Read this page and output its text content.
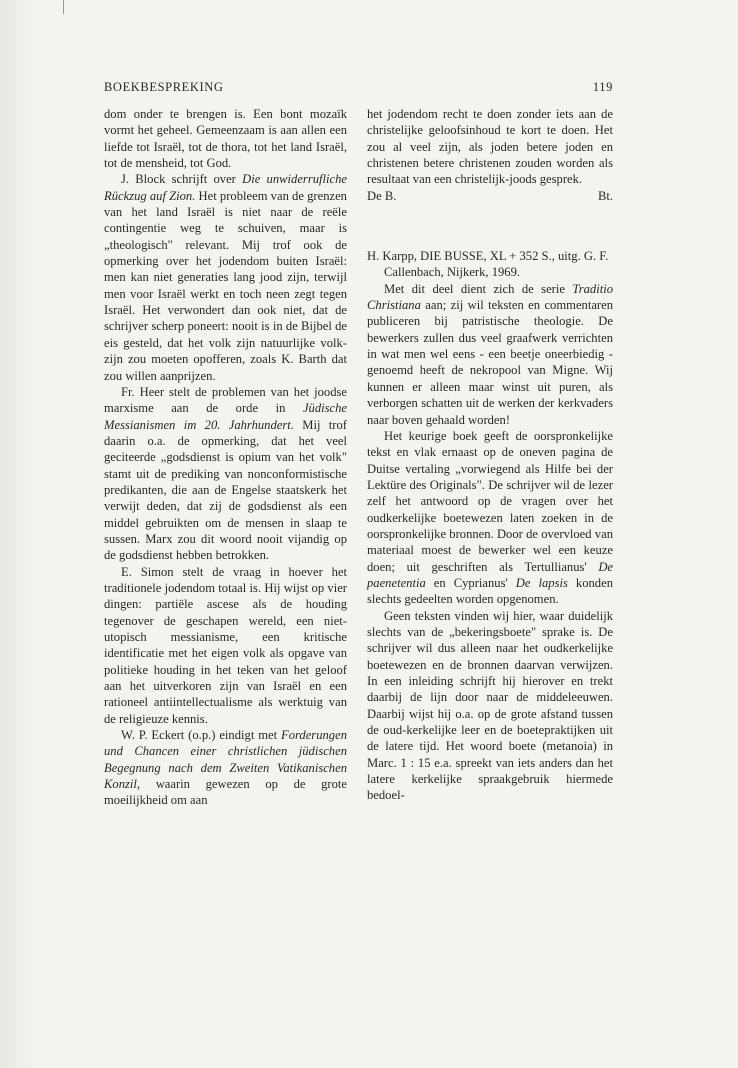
BOEKBESPREKING	119

dom onder te brengen is. Een bont mozaïk vormt het geheel. Gemeenzaam is aan allen een liefde tot Israël, tot de thora, tot het land Israël, tot de mensheid, tot God.

J. Block schrijft over Die unwiderrufliche Rückzug auf Zion. Het probleem van de grenzen van het land Israël is niet naar de reële contingentie weg te schuiven, maar is „theologisch" relevant. Mij trof ook de opmerking over het jodendom buiten Israël: men kan niet generaties lang jood zijn, terwijl men voor Israël werkt en toch neen zegt tegen Israël. Het verwondert dan ook niet, dat de schrijver scherp poneert: nooit is in de Bijbel de eis gesteld, dat het volk zijn natuurlijke volk-zijn zou moeten opofferen, zoals K. Barth dat zou willen aanprijzen.

Fr. Heer stelt de problemen van het joodse marxisme aan de orde in Jüdische Messianismen im 20. Jahrhundert. Mij trof daarin o.a. de opmerking, dat het veel geciteerde „godsdienst is opium van het volk" stamt uit de prediking van nonconformistische predikanten, die aan de Engelse staatskerk het verwijt deden, dat zij de godsdienst als een middel gebruikten om de mensen in slaap te sussen. Marx zou dit woord nooit vijandig op de godsdienst hebben betrokken.

E. Simon stelt de vraag in hoever het traditionele jodendom totaal is. Hij wijst op vier dingen: partiële ascese als de houding tegenover de geschapen wereld, een niet-utopisch messianisme, een kritische identificatie met het eigen volk als opgave van politieke houding in het teken van het geloof aan het uitverkoren zijn van Israël en een rationeel antiintellectualisme als werktuig van de religieuze kennis.

W. P. Eckert (o.p.) eindigt met Forderungen und Chancen einer christlichen jüdischen Begegnung nach dem Zweiten Vatikanischen Konzil, waarin gewezen op de grote moeilijkheid om aan

het jodendom recht te doen zonder iets aan de christelijke geloofsinhoud te kort te doen. Het zou al veel zijn, als joden betere joden en christenen betere christenen zouden worden als resultaat van een christelijk-joods gesprek.

De B.	Bt.

H. Karpp, DIE BUSSE, XL + 352 S., uitg. G. F. Callenbach, Nijkerk, 1969.

Met dit deel dient zich de serie Traditio Christiana aan; zij wil teksten en commentaren publiceren bij patristische theologie. De bewerkers zullen dus veel graafwerk verrichten in wat men wel eens - een beetje oneerbiedig - genoemd heeft de nekropool van Migne. Wij kunnen er alleen maar winst uit puren, als verborgen schatten uit de werken der kerkvaders naar boven gehaald worden!

Het keurige boek geeft de oorspronkelijke tekst en vlak ernaast op de oneven pagina de Duitse vertaling „vorwiegend als Hilfe bei der Lektüre des Originals". De schrijver wil de lezer zelf het antwoord op de vragen over het oudkerkelijke boetewezen laten zoeken in de oorspronkelijke bronnen. Door de overvloed van materiaal moest de bewerker wel een keuze doen; uit geschriften als Tertullianus' De paenetentia en Cyprianus' De lapsis konden slechts gedeelten worden opgenomen.

Geen teksten vinden wij hier, waar duidelijk slechts van de „bekeringsboete" sprake is. De schrijver wil dus alleen naar het oudkerkelijke boetewezen en de bronnen daarvan verwijzen. In een inleiding schrijft hij hierover en trekt daarbij de lijn door naar de middeleeuwen. Daarbij wijst hij o.a. op de grote afstand tussen de oud-kerkelijke leer en de boetepraktijken uit de latere tijd. Het woord boete (metanoia) in Marc. 1 : 15 e.a. spreekt van iets anders dan het latere kerkelijke spraakgebruik hiermede bedoel-
